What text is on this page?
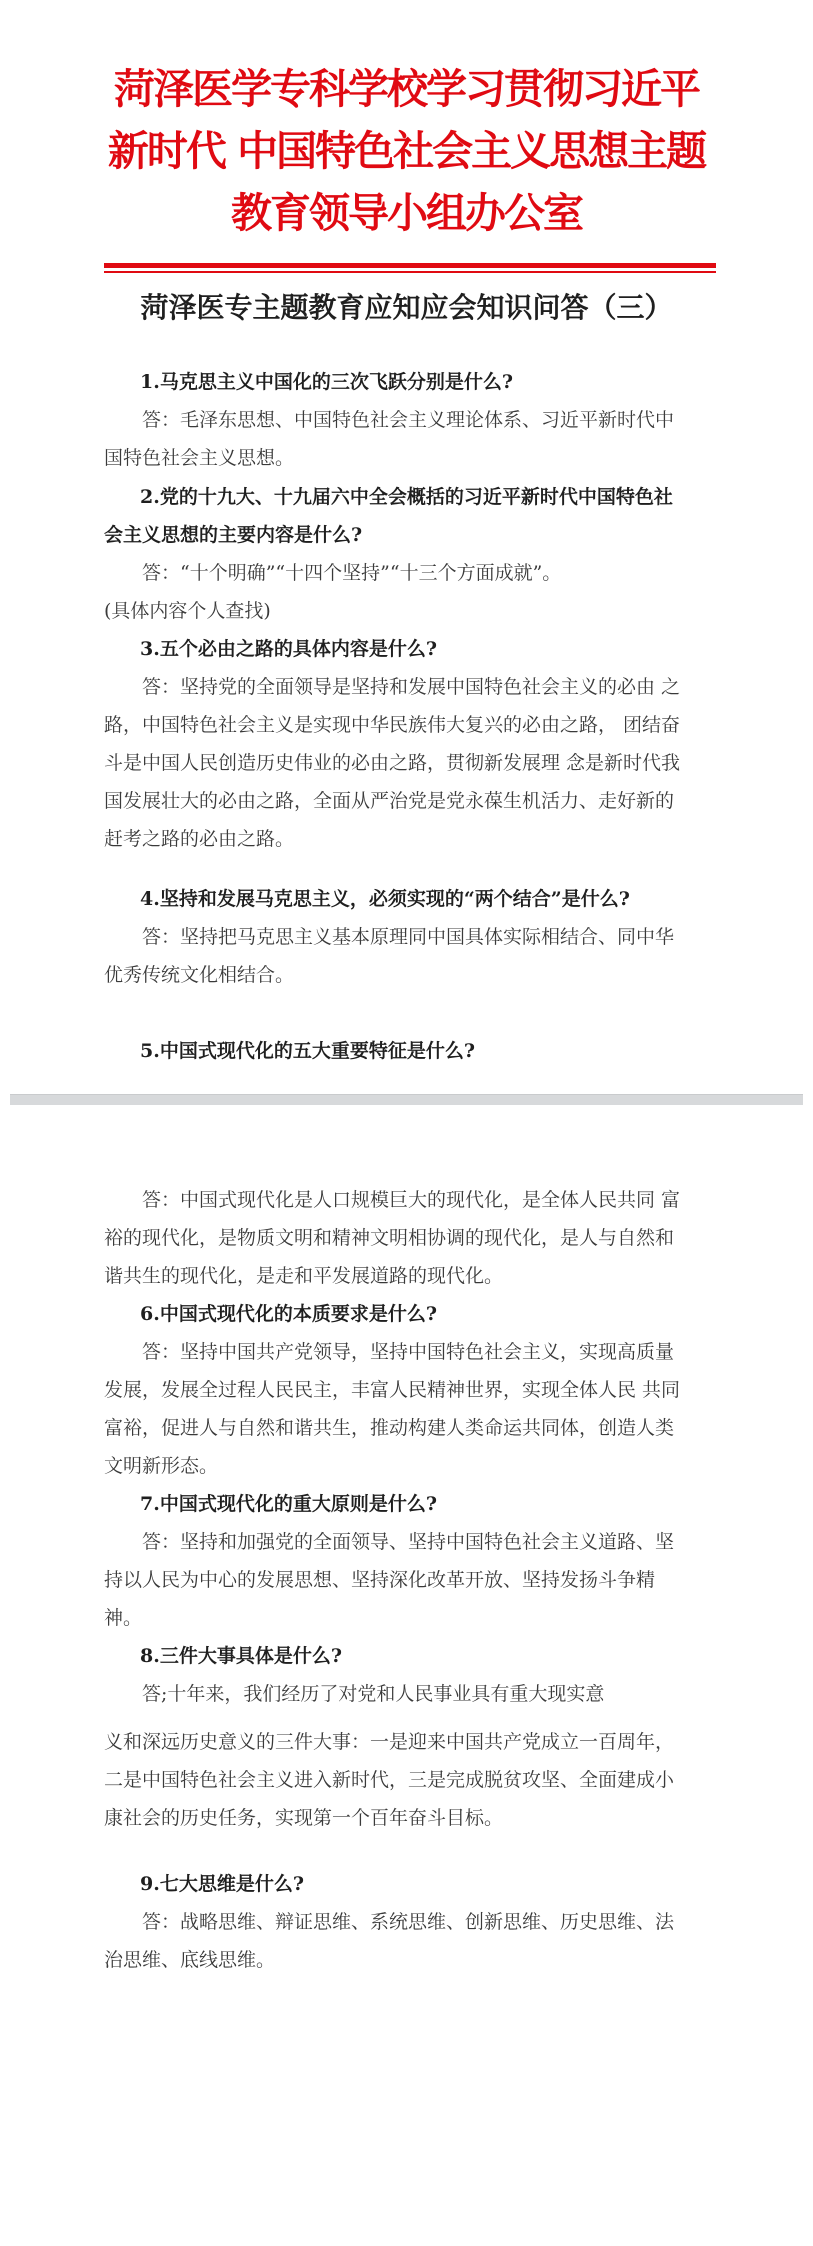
菏泽医学专科学校学习贯彻习近平新时代 中国特色社会主义思想主题教育领导小组办公室
菏泽医专主题教育应知应会知识问答（三）

1.马克思主义中国化的三次飞跃分别是什么?

答：毛泽东思想、中国特色社会主义理论体系、习近平新时代中国特色社会主义思想。

2.党的十九大、十九届六中全会概括的习近平新时代中国特色社会主义思想的主要内容是什么?

答：“十个明确”“十四个坚持”“十三个方面成就”。

(具体内容个人查找)

3.五个必由之路的具体内容是什么?

答：坚持党的全面领导是坚持和发展中国特色社会主义的必由 之路，中国特色社会主义是实现中华民族伟大复兴的必由之路， 团结奋斗是中国人民创造历史伟业的必由之路，贯彻新发展理 念是新时代我国发展壮大的必由之路，全面从严治党是党永葆生机活力、走好新的赶考之路的必由之路。

4.坚持和发展马克思主义，必须实现的“两个结合”是什么?

答：坚持把马克思主义基本原理同中国具体实际相结合、同中华优秀传统文化相结合。

5.中国式现代化的五大重要特征是什么?

答：中国式现代化是人口规模巨大的现代化，是全体人民共同 富裕的现代化，是物质文明和精神文明相协调的现代化，是人与自然和谐共生的现代化，是走和平发展道路的现代化。

6.中国式现代化的本质要求是什么?

答：坚持中国共产党领导，坚持中国特色社会主义，实现高质量 发展，发展全过程人民民主，丰富人民精神世界，实现全体人民 共同富裕，促进人与自然和谐共生，推动构建人类命运共同体，创造人类文明新形态。

7.中国式现代化的重大原则是什么?

答：坚持和加强党的全面领导、坚持中国特色社会主义道路、坚持以人民为中心的发展思想、坚持深化改革开放、坚持发扬斗争精神。

8.三件大事具体是什么?

答;十年来，我们经历了对党和人民事业具有重大现实意

义和深远历史意义的三件大事：一是迎来中国共产党成立一百周年，二是中国特色社会主义进入新时代，三是完成脱贫攻坚、全面建成小康社会的历史任务，实现第一个百年奋斗目标。

9.七大思维是什么?

答：战略思维、辩证思维、系统思维、创新思维、历史思维、法治思维、底线思维。
